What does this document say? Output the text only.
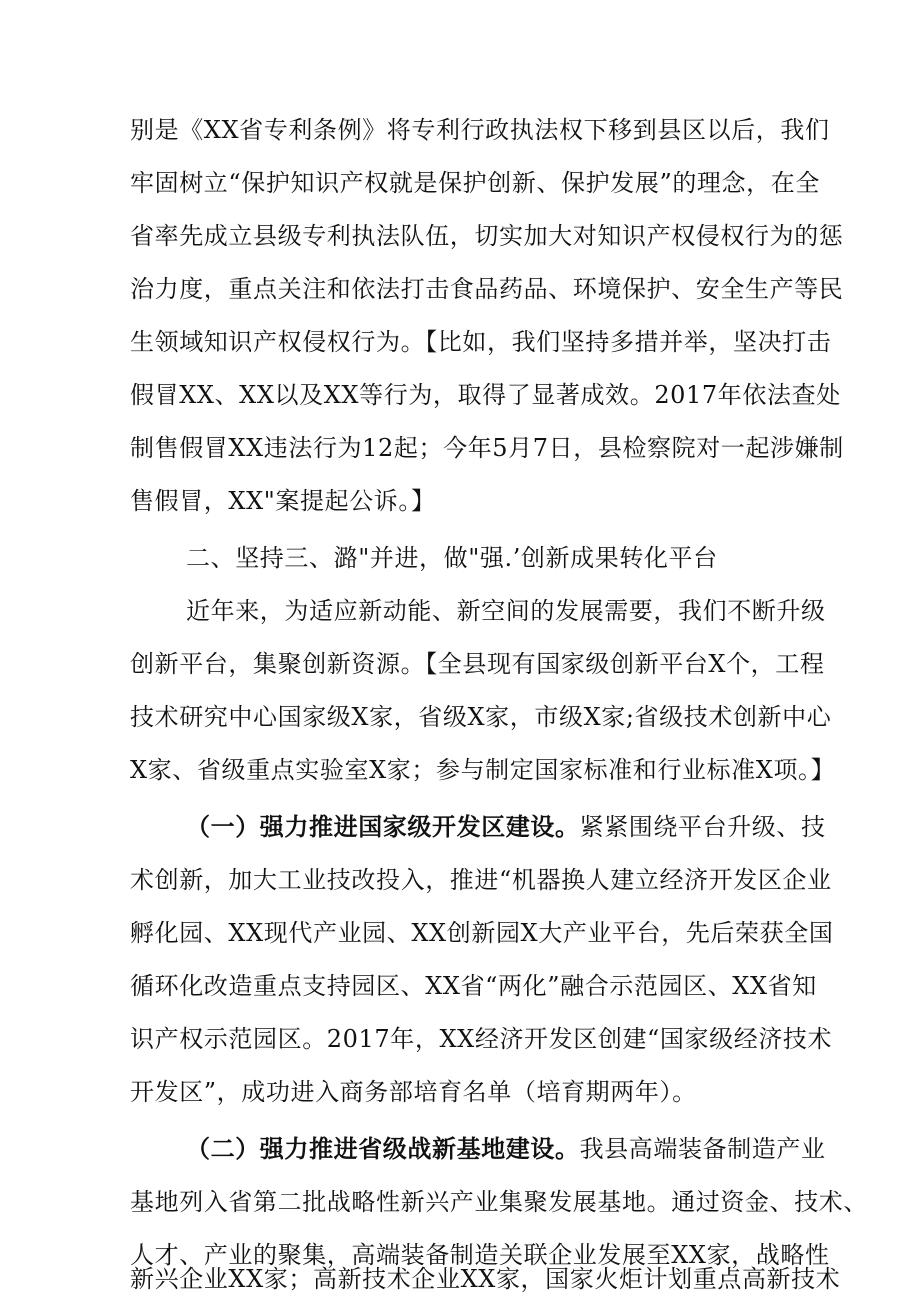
别是《XX省专利条例》将专利行政执法权下移到县区以后，我们
牢固树立“保护知识产权就是保护创新、保护发展”的理念，在全
省率先成立县级专利执法队伍，切实加大对知识产权侵权行为的惩
治力度，重点关注和依法打击食品药品、环境保护、安全生产等民
生领域知识产权侵权行为。【比如，我们坚持多措并举，坚决打击
假冒XX、XX以及XX等行为，取得了显著成效。2017年依法查处
制售假冒XX违法行为12起；今年5月7日，县检察院对一起涉嫌制
售假冒，XX"案提起公诉。】
二、坚持三、潞"并进，做"强.’创新成果转化平台
近年来，为适应新动能、新空间的发展需要，我们不断升级
创新平台，集聚创新资源。【全县现有国家级创新平台X个，工程
技术研究中心国家级X家，省级X家，市级X家;省级技术创新中心
X家、省级重点实验室X家；参与制定国家标准和行业标准X项。】
（一）强力推进国家级开发区建设。紧紧围绕平台升级、技
术创新，加大工业技改投入，推进“机器换人建立经济开发区企业
孵化园、XX现代产业园、XX创新园X大产业平台，先后荣获全国
循环化改造重点支持园区、XX省“两化”融合示范园区、XX省知
识产权示范园区。2017年，XX经济开发区创建“国家级经济技术
开发区”，成功进入商务部培育名单（培育期两年）。
（二）强力推进省级战新基地建设。我县高端装备制造产业
基地列入省第二批战略性新兴产业集聚发展基地。通过资金、技术、
人才、产业的聚集，高端装备制造关联企业发展至XX家，战略性
新兴企业XX家；高新技术企业XX家，国家火炬计划重点高新技术
